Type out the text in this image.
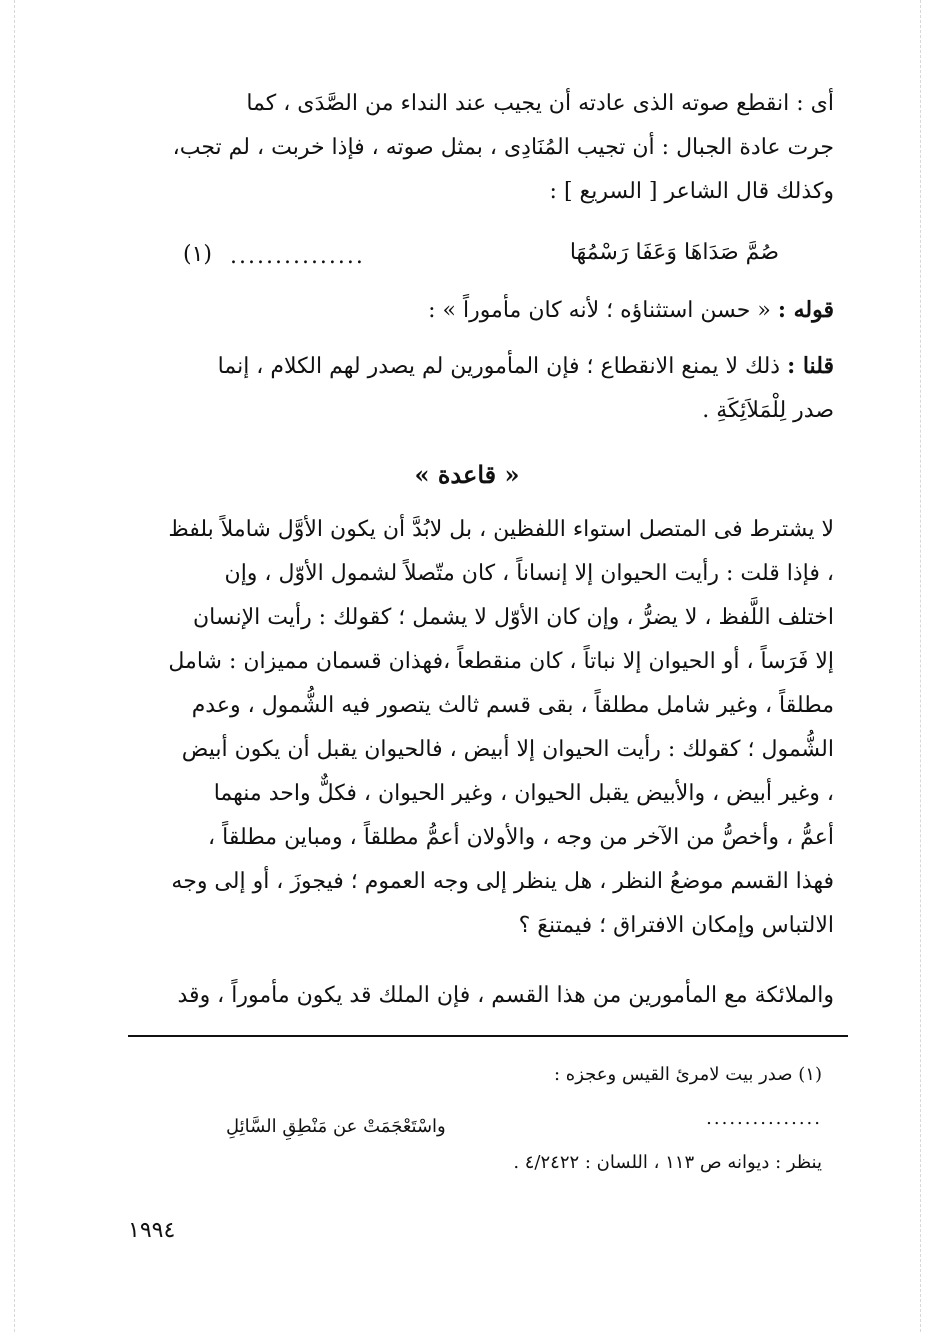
أى : انقطع صوته الذى عادته أن يجيب عند النداء من الصَّدَى ، كما
جرت عادة الجبال : أن تجيب المُنَادِى ، بمثل صوته ، فإذا خربت ، لم تجب،
وكذلك قال الشاعر [ السريع ] :
صُمَّ صَدَاهَا وَعَفَا رَسْمُهَا
...............
(١)
قوله : « حسن استثناؤه ؛ لأنه كان مأموراً » :
قلنا : ذلك لا يمنع الانقطاع ؛ فإن المأمورين لم يصدر لهم الكلام ، إنما
صدر لِلْمَلاَئِكَةِ .
« قاعدة »
لا يشترط فى المتصل استواء اللفظين ، بل لابُدَّ أن يكون الأوَّل شاملاً بلفظ
، فإذا قلت : رأيت الحيوان إلا إنساناً ، كان متّصلاً لشمول الأوّل ، وإن
اختلف اللَّفظ ، لا يضرُّ ، وإن كان الأوّل لا يشمل ؛ كقولك : رأيت الإنسان
إلا فَرَساً ، أو الحيوان إلا نباتاً ، كان منقطعاً ،فهذان قسمان مميزان : شامل
مطلقاً ، وغير شامل مطلقاً ، بقى قسم ثالث يتصور فيه الشُّمول ، وعدم
الشُّمول ؛ كقولك : رأيت الحيوان إلا أبيض ، فالحيوان يقبل أن يكون أبيض
، وغير أبيض ، والأبيض يقبل الحيوان ، وغير الحيوان ، فكلٌّ واحد منهما
أعمُّ ، وأخصُّ من الآخر من وجه ، والأولان أعمُّ مطلقاً ، ومباين مطلقاً ،
فهذا القسم موضعُ النظر ، هل ينظر إلى وجه العموم ؛ فيجوزَ ، أو إلى وجه
الالتباس وإمكان الافتراق ؛ فيمتنعَ ؟
والملائكة مع المأمورين من هذا القسم ، فإن الملك قد يكون مأموراً ، وقد
(١) صدر بيت لامرئ القيس وعجزه :
...............
واسْتَعْجَمَتْ عن مَنْطِقِ السَّائِلِ
ينظر : ديوانه ص ١١٣ ، اللسان : ٤/٢٤٢٢ .
١٩٩٤
